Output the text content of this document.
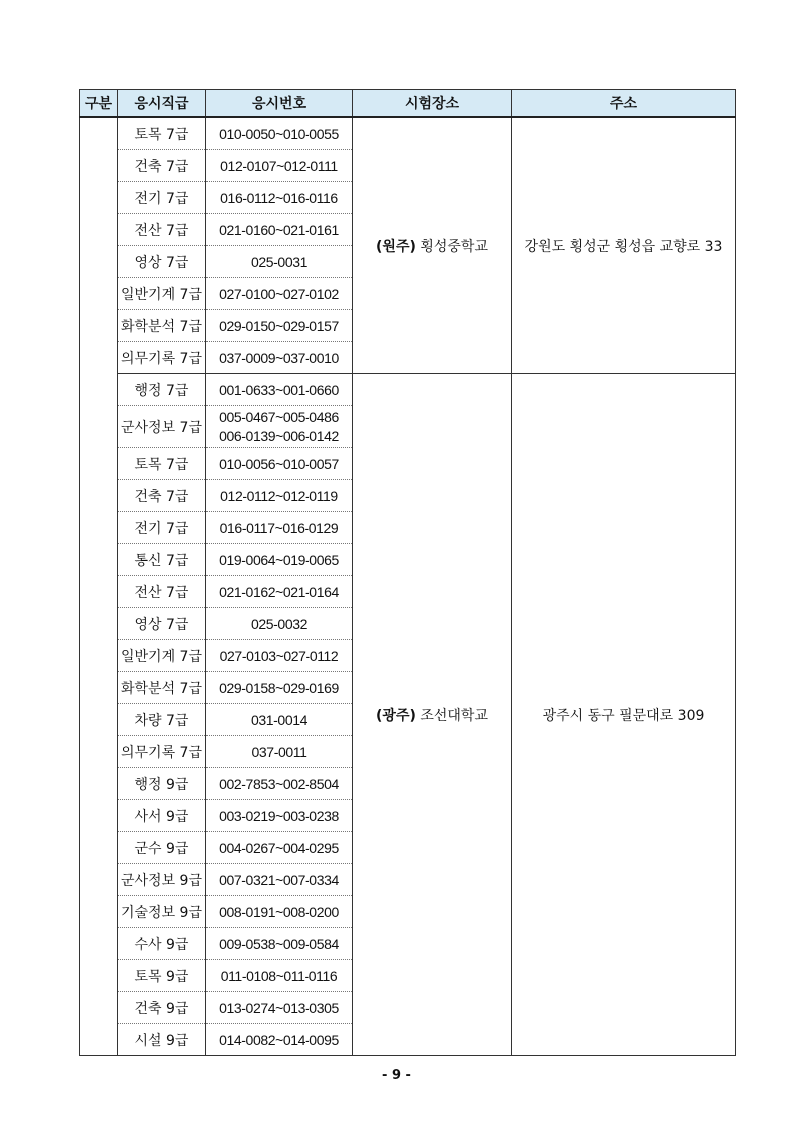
구분	응시직급	응시번호	시험장소	주소
	토목 7급	010-0050~010-0055	(원주) 횡성중학교	강원도 횡성군 횡성읍 교향로 33
	건축 7급	012-0107~012-0111		

	전기 7급	016-0112~016-0116		

	전산 7급	021-0160~021-0161		

	영상 7급	025-0031		

	일반기계 7급	027-0100~027-0102		

	화학분석 7급	029-0150~029-0157		

	의무기록 7급	037-0009~037-0010		

	행정 7급	001-0633~001-0660	(광주) 조선대학교	광주시 동구 필문대로 309
	군사정보 7급	005-0467~005-0486
006-0139~006-0142		

	토목 7급	010-0056~010-0057		

	건축 7급	012-0112~012-0119		

	전기 7급	016-0117~016-0129		

	통신 7급	019-0064~019-0065		

	전산 7급	021-0162~021-0164		

	영상 7급	025-0032		

	일반기계 7급	027-0103~027-0112		

	화학분석 7급	029-0158~029-0169		

	차량 7급	031-0014		

	의무기록 7급	037-0011		

	행정 9급	002-7853~002-8504		

	사서 9급	003-0219~003-0238		

	군수 9급	004-0267~004-0295		

	군사정보 9급	007-0321~007-0334		

	기술정보 9급	008-0191~008-0200		

	수사 9급	009-0538~009-0584		

	토목 9급	011-0108~011-0116		

	건축 9급	013-0274~013-0305		

	시설 9급	014-0082~014-0095		
- 9 -
